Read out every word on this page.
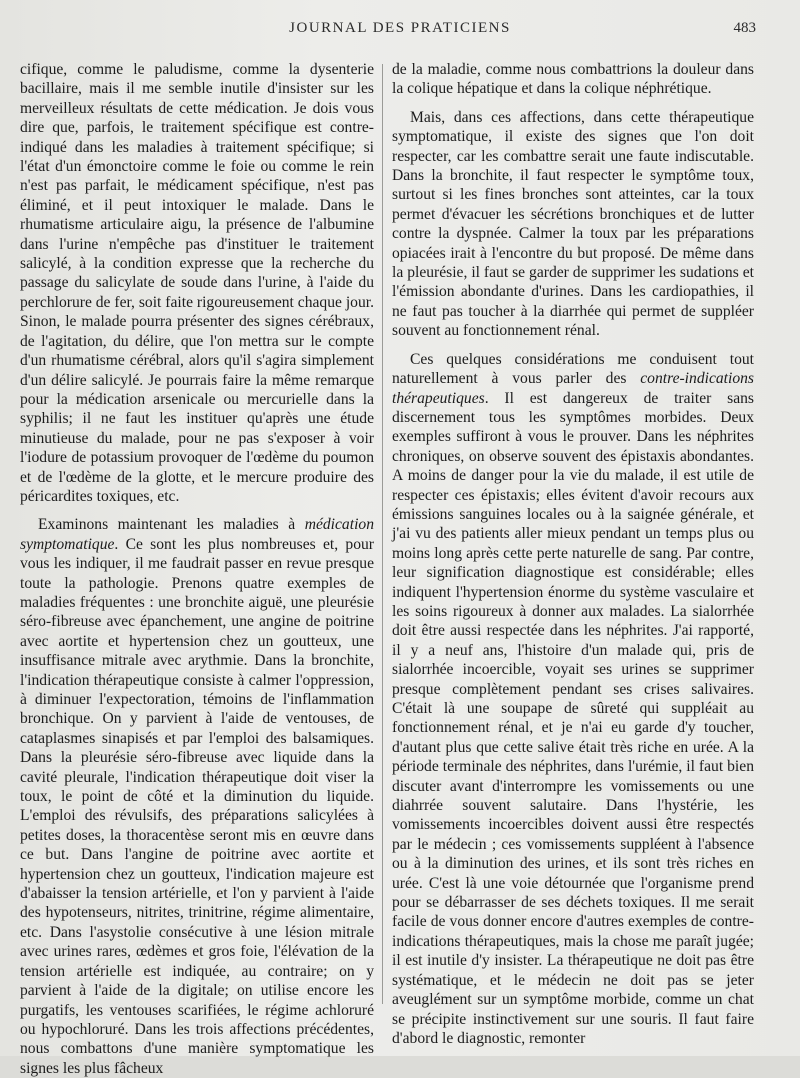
JOURNAL DES PRATICIENS	483

cifique, comme le paludisme, comme la dysenterie bacillaire, mais il me semble inutile d'insister sur les merveilleux résultats de cette médication. Je dois vous dire que, parfois, le traitement spécifique est contre-indiqué dans les maladies à traitement spécifique; si l'état d'un émonctoire comme le foie ou comme le rein n'est pas parfait, le médicament spécifique, n'est pas éliminé, et il peut intoxiquer le malade. Dans le rhumatisme articulaire aigu, la présence de l'albumine dans l'urine n'empêche pas d'instituer le traitement salicylé, à la condition expresse que la recherche du passage du salicylate de soude dans l'urine, à l'aide du perchlorure de fer, soit faite rigoureusement chaque jour. Sinon, le malade pourra présenter des signes cérébraux, de l'agitation, du délire, que l'on mettra sur le compte d'un rhumatisme cérébral, alors qu'il s'agira simplement d'un délire salicylé. Je pourrais faire la même remarque pour la médication arsenicale ou mercurielle dans la syphilis; il ne faut les instituer qu'après une étude minutieuse du malade, pour ne pas s'exposer à voir l'iodure de potassium provoquer de l'œdème du poumon et de l'œdème de la glotte, et le mercure produire des péricardites toxiques, etc.

Examinons maintenant les maladies à médication symptomatique. Ce sont les plus nombreuses et, pour vous les indiquer, il me faudrait passer en revue presque toute la pathologie. Prenons quatre exemples de maladies fréquentes : une bronchite aiguë, une pleurésie séro-fibreuse avec épanchement, une angine de poitrine avec aortite et hypertension chez un goutteux, une insuffisance mitrale avec arythmie. Dans la bronchite, l'indication thérapeutique consiste à calmer l'oppression, à diminuer l'expectoration, témoins de l'inflammation bronchique. On y parvient à l'aide de ventouses, de cataplasmes sinapisés et par l'emploi des balsamiques. Dans la pleurésie séro-fibreuse avec liquide dans la cavité pleurale, l'indication thérapeutique doit viser la toux, le point de côté et la diminution du liquide. L'emploi des révulsifs, des préparations salicylées à petites doses, la thoracentèse seront mis en œuvre dans ce but. Dans l'angine de poitrine avec aortite et hypertension chez un goutteux, l'indication majeure est d'abaisser la tension artérielle, et l'on y parvient à l'aide des hypotenseurs, nitrites, trinitrine, régime alimentaire, etc. Dans l'asystolie consécutive à une lésion mitrale avec urines rares, œdèmes et gros foie, l'élévation de la tension artérielle est indiquée, au contraire; on y parvient à l'aide de la digitale; on utilise encore les purgatifs, les ventouses scarifiées, le régime achloruré ou hypochloruré. Dans les trois affections précédentes, nous combattons d'une manière symptomatique les signes les plus fâcheux

de la maladie, comme nous combattrions la douleur dans la colique hépatique et dans la colique néphrétique.

Mais, dans ces affections, dans cette thérapeutique symptomatique, il existe des signes que l'on doit respecter, car les combattre serait une faute indiscutable. Dans la bronchite, il faut respecter le symptôme toux, surtout si les fines bronches sont atteintes, car la toux permet d'évacuer les sécrétions bronchiques et de lutter contre la dyspnée. Calmer la toux par les préparations opiacées irait à l'encontre du but proposé. De même dans la pleurésie, il faut se garder de supprimer les sudations et l'émission abondante d'urines. Dans les cardiopathies, il ne faut pas toucher à la diarrhée qui permet de suppléer souvent au fonctionnement rénal.

Ces quelques considérations me conduisent tout naturellement à vous parler des contre-indications thérapeutiques. Il est dangereux de traiter sans discernement tous les symptômes morbides. Deux exemples suffiront à vous le prouver. Dans les néphrites chroniques, on observe souvent des épistaxis abondantes. A moins de danger pour la vie du malade, il est utile de respecter ces épistaxis; elles évitent d'avoir recours aux émissions sanguines locales ou à la saignée générale, et j'ai vu des patients aller mieux pendant un temps plus ou moins long après cette perte naturelle de sang. Par contre, leur signification diagnostique est considérable; elles indiquent l'hypertension énorme du système vasculaire et les soins rigoureux à donner aux malades. La sialorrhée doit être aussi respectée dans les néphrites. J'ai rapporté, il y a neuf ans, l'histoire d'un malade qui, pris de sialorrhée incoercible, voyait ses urines se supprimer presque complètement pendant ses crises salivaires. C'était là une soupape de sûreté qui suppléait au fonctionnement rénal, et je n'ai eu garde d'y toucher, d'autant plus que cette salive était très riche en urée. A la période terminale des néphrites, dans l'urémie, il faut bien discuter avant d'interrompre les vomissements ou une diahrrée souvent salutaire. Dans l'hystérie, les vomissements incoercibles doivent aussi être respectés par le médecin ; ces vomissements suppléent à l'absence ou à la diminution des urines, et ils sont très riches en urée. C'est là une voie détournée que l'organisme prend pour se débarrasser de ses déchets toxiques. Il me serait facile de vous donner encore d'autres exemples de contre-indications thérapeutiques, mais la chose me paraît jugée; il est inutile d'y insister. La thérapeutique ne doit pas être systématique, et le médecin ne doit pas se jeter aveuglément sur un symptôme morbide, comme un chat se précipite instinctivement sur une souris. Il faut faire d'abord le diagnostic, remonter
